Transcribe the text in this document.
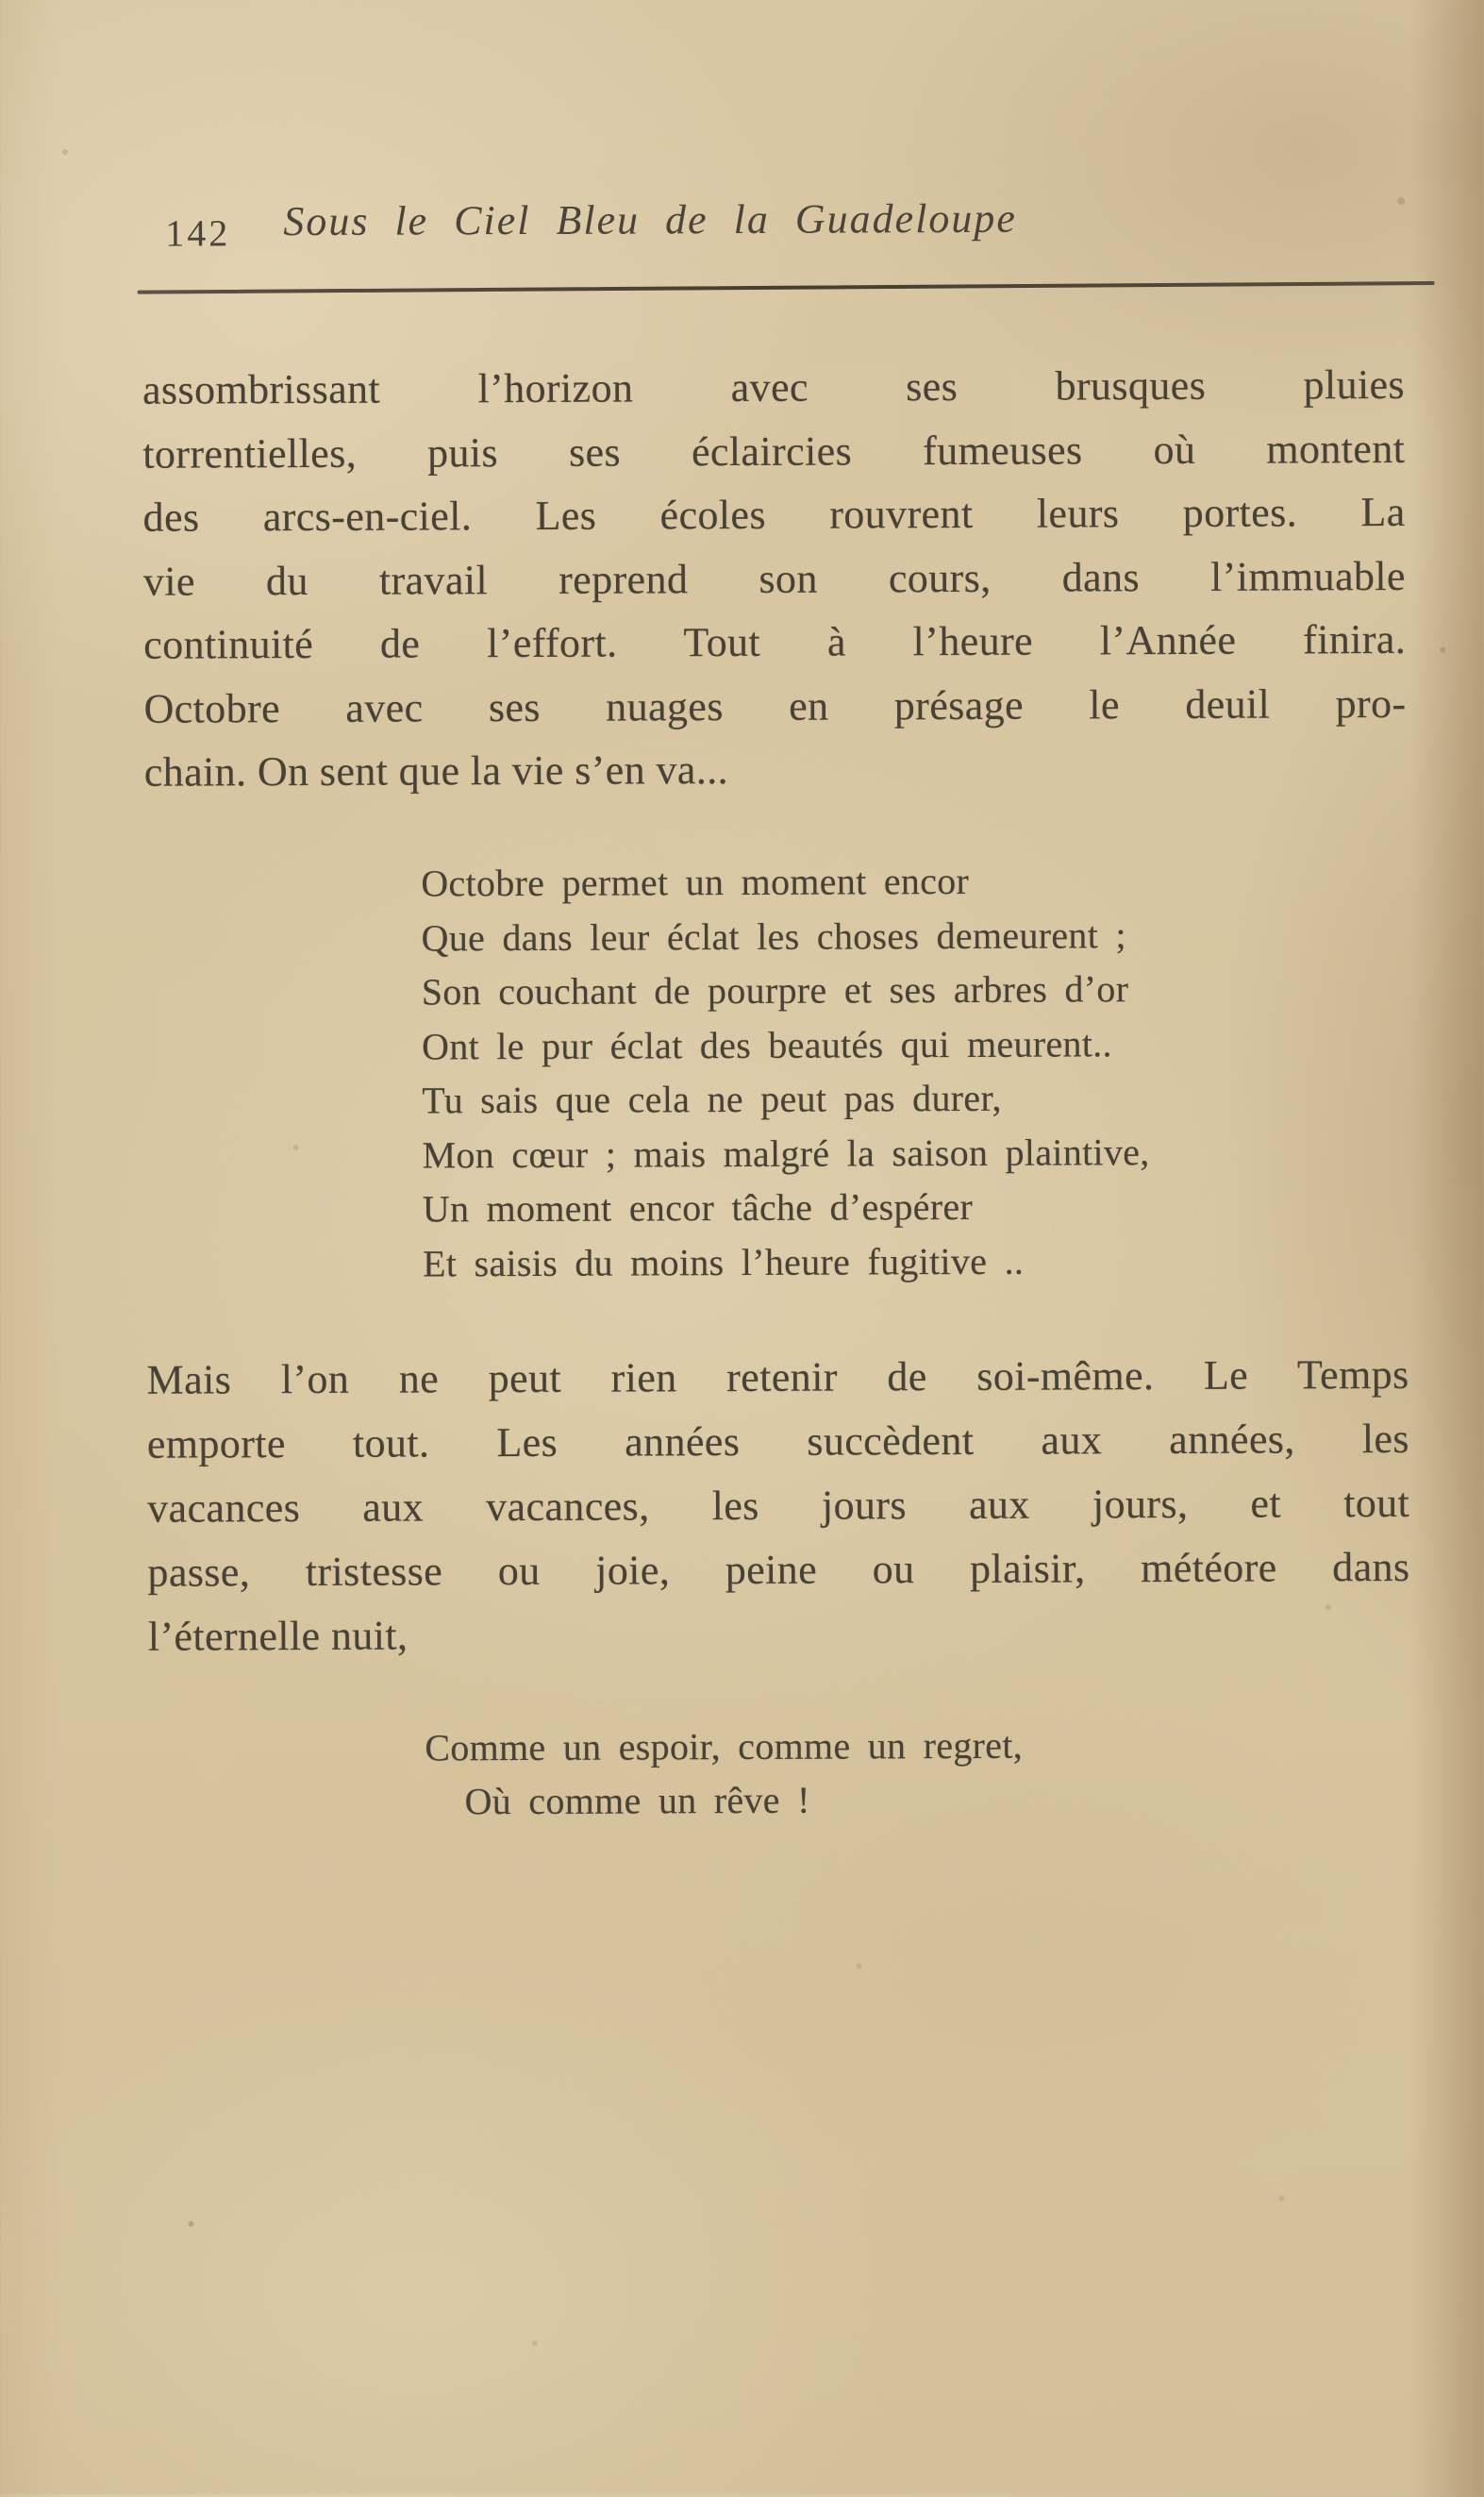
142 Sous le Ciel Bleu de la Guadeloupe
assombrissant l’horizon avec ses brusques pluies
torrentielles, puis ses éclaircies fumeuses où montent
des arcs-en-ciel. Les écoles rouvrent leurs portes. La
vie du travail reprend son cours, dans l’immuable
continuité de l’effort. Tout à l’heure l’Année finira.
Octobre avec ses nuages en présage le deuil pro-
chain. On sent que la vie s’en va...
Octobre permet un moment encor
Que dans leur éclat les choses demeurent ;
Son couchant de pourpre et ses arbres d’or
Ont le pur éclat des beautés qui meurent..
Tu sais que cela ne peut pas durer,
Mon cœur ; mais malgré la saison plaintive,
Un moment encor tâche d’espérer
Et saisis du moins l’heure fugitive ..
Mais l’on ne peut rien retenir de soi-même. Le Temps
emporte tout. Les années succèdent aux années, les
vacances aux vacances, les jours aux jours, et tout
passe, tristesse ou joie, peine ou plaisir, météore dans
l’éternelle nuit,
Comme un espoir, comme un regret,
Où comme un rêve !
